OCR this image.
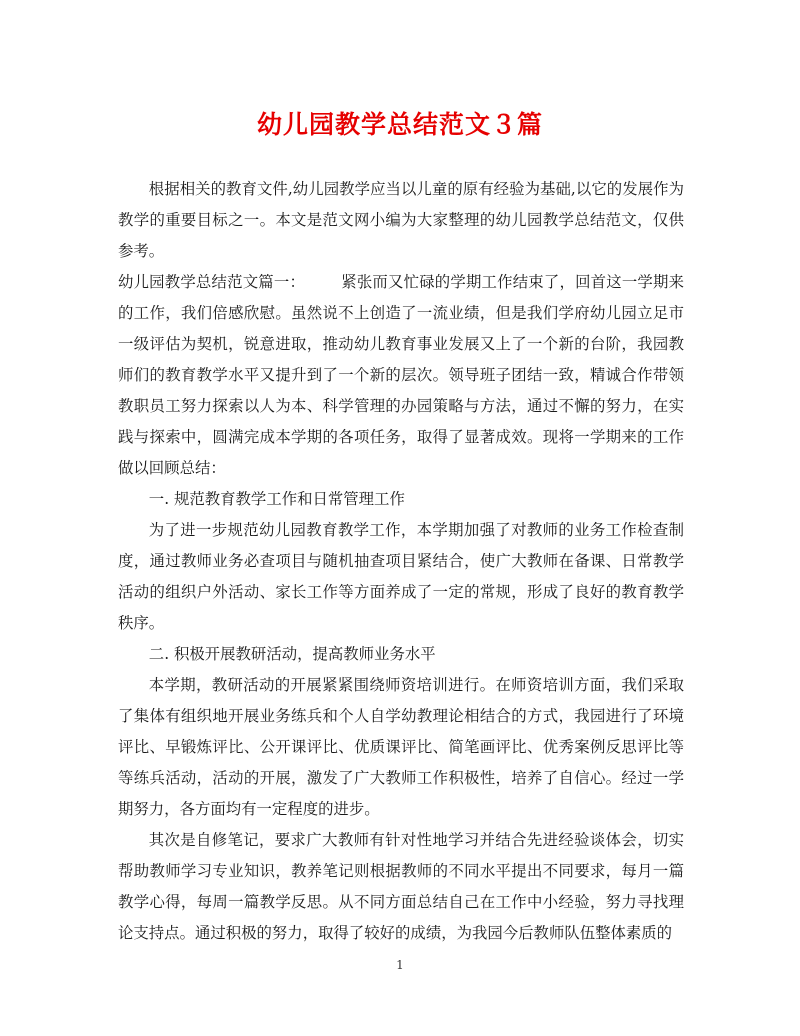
幼儿园教学总结范文３篇

根据相关的教育文件,幼儿园教学应当以儿童的原有经验为基础,以它的发展作为教学的重要目标之一。本文是范文网小编为大家整理的幼儿园教学总结范文，仅供参考。

幼儿园教学总结范文篇一： 紧张而又忙碌的学期工作结束了，回首这一学期来的工作，我们倍感欣慰。虽然说不上创造了一流业绩，但是我们学府幼儿园立足市一级评估为契机，锐意进取，推动幼儿教育事业发展又上了一个新的台阶，我园教师们的教育教学水平又提升到了一个新的层次。领导班子团结一致，精诚合作带领教职员工努力探索以人为本、科学管理的办园策略与方法，通过不懈的努力，在实践与探索中，圆满完成本学期的各项任务，取得了显著成效。现将一学期来的工作做以回顾总结：

一. 规范教育教学工作和日常管理工作

为了进一步规范幼儿园教育教学工作，本学期加强了对教师的业务工作检查制度，通过教师业务必查项目与随机抽查项目紧结合，使广大教师在备课、日常教学活动的组织户外活动、家长工作等方面养成了一定的常规，形成了良好的教育教学秩序。

二. 积极开展教研活动，提高教师业务水平

本学期，教研活动的开展紧紧围绕师资培训进行。在师资培训方面，我们采取了集体有组织地开展业务练兵和个人自学幼教理论相结合的方式，我园进行了环境评比、早锻炼评比、公开课评比、优质课评比、简笔画评比、优秀案例反思评比等等练兵活动，活动的开展，激发了广大教师工作积极性，培养了自信心。经过一学期努力，各方面均有一定程度的进步。

其次是自修笔记，要求广大教师有针对性地学习并结合先进经验谈体会，切实帮助教师学习专业知识，教养笔记则根据教师的不同水平提出不同要求，每月一篇教学心得，每周一篇教学反思。从不同方面总结自己在工作中小经验，努力寻找理论支持点。通过积极的努力，取得了较好的成绩，为我园今后教师队伍整体素质的

1
